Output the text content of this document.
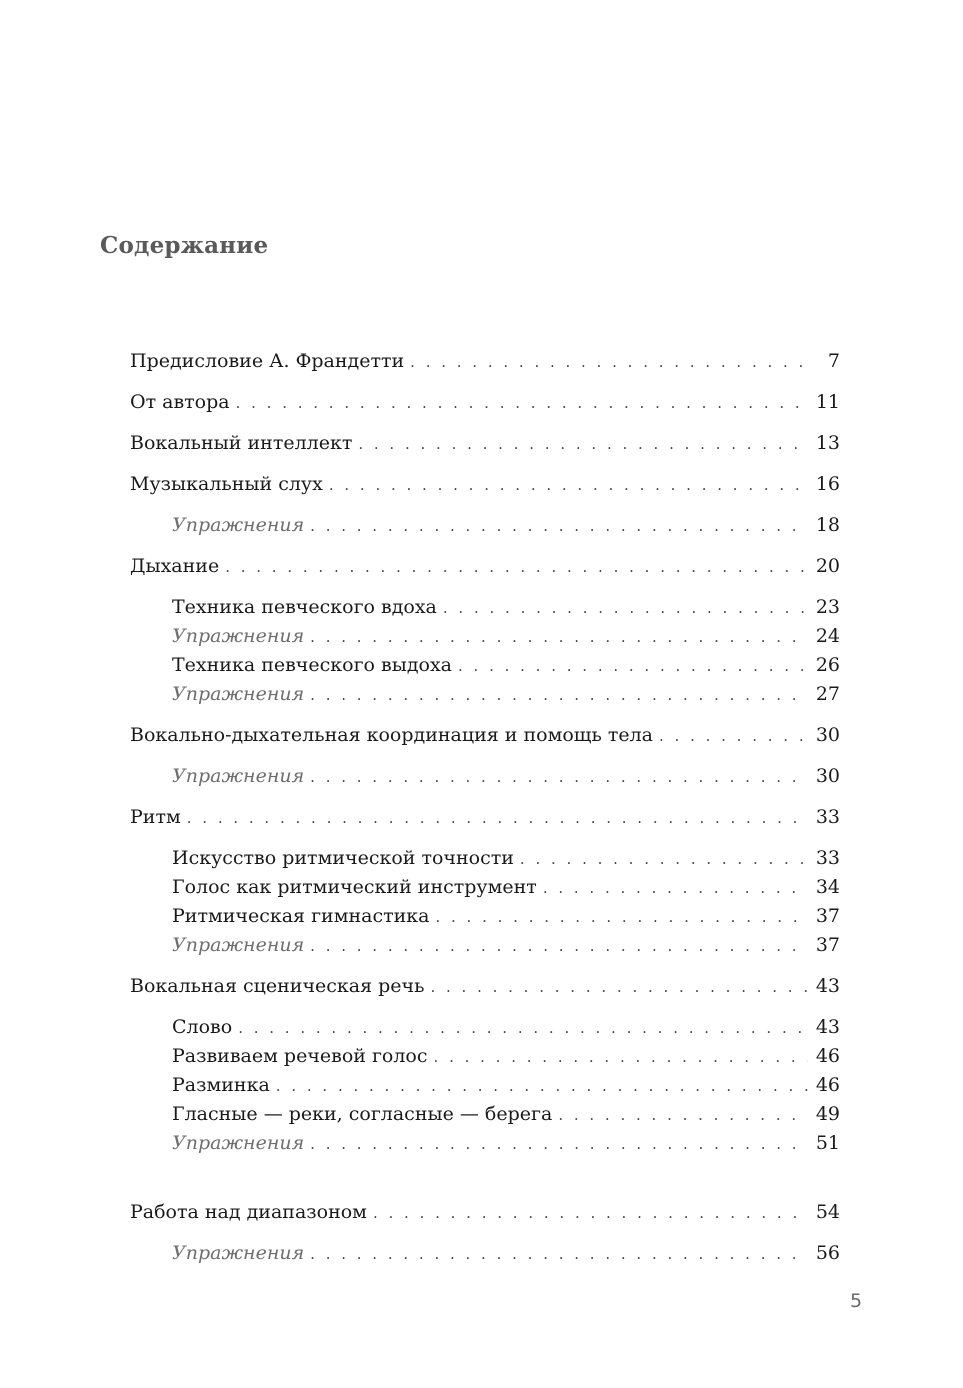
Содержание
Предисловие А. Франдетти . . .	7
От автора . . .	11
Вокальный интеллект . . .	13
Музыкальный слух . . .	16
Упражнения . . .	18
Дыхание . . .	20
Техника певческого вдоха . . .	23
Упражнения . . .	24
Техника певческого выдоха . . .	26
Упражнения . . .	27
Вокально-дыхательная координация и помощь тела . . .	30
Упражнения . . .	30
Ритм . . .	33
Искусство ритмической точности . . .	33
Голос как ритмический инструмент . . .	34
Ритмическая гимнастика . . .	37
Упражнения . . .	37
Вокальная сценическая речь . . .	43
Слово . . .	43
Развиваем речевой голос . . .	46
Разминка . . .	46
Гласные — реки, согласные — берега . . .	49
Упражнения . . .	51
Работа над диапазоном . . .	54
Упражнения . . .	56
5
